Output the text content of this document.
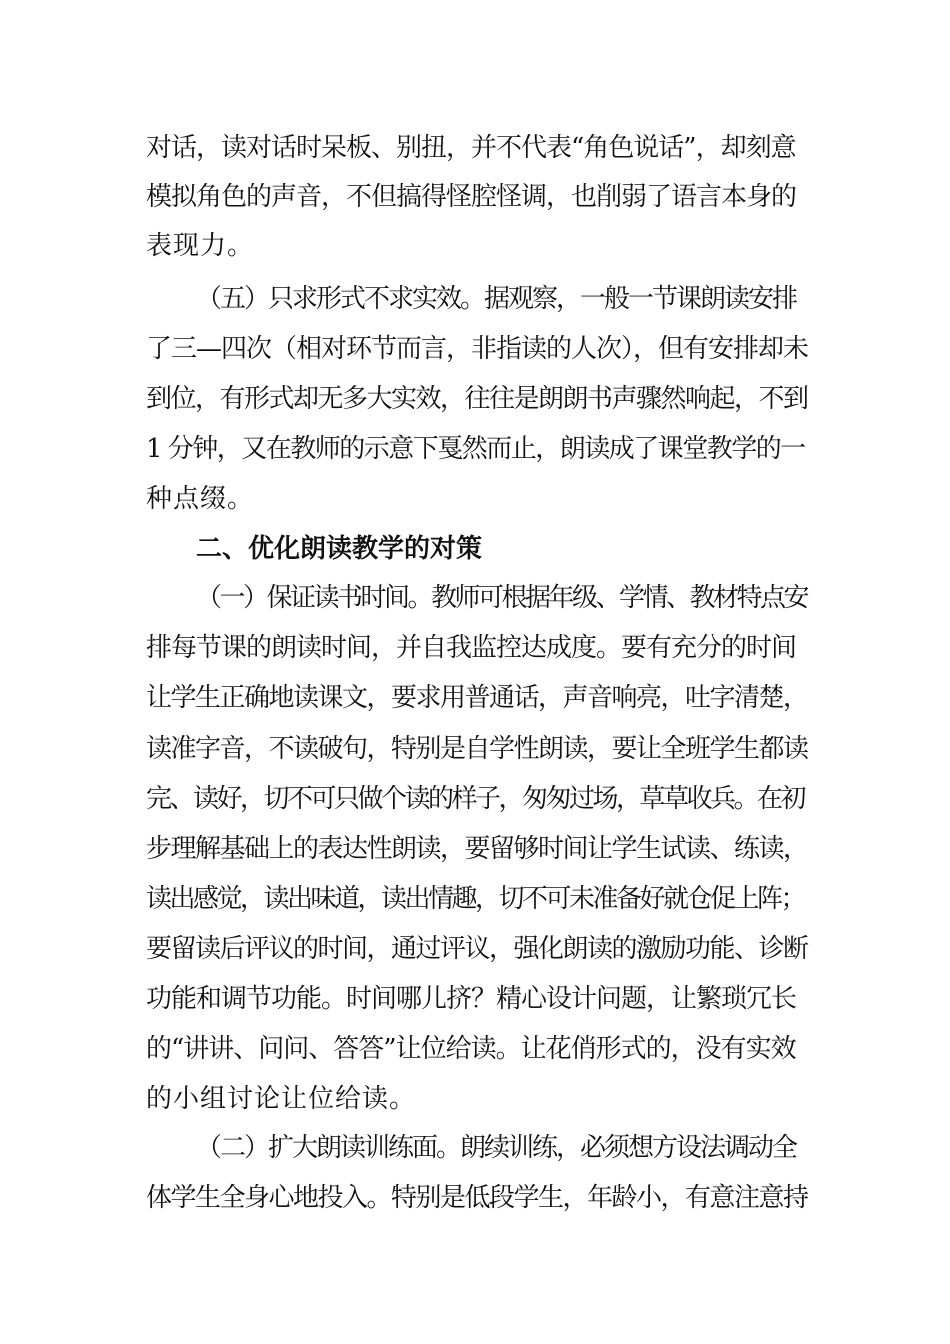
对话，读对话时呆板、别扭，并不代表“角色说话”，却刻意
模拟角色的声音，不但搞得怪腔怪调，也削弱了语言本身的
表现力。
（五）只求形式不求实效。据观察，一般一节课朗读安排
了三—四次（相对环节而言，非指读的人次），但有安排却未
到位，有形式却无多大实效，往往是朗朗书声骤然响起，不到
1 分钟，又在教师的示意下戛然而止，朗读成了课堂教学的一
种点缀。
二、优化朗读教学的对策
（一）保证读书时间。教师可根据年级、学情、教材特点安
排每节课的朗读时间，并自我监控达成度。要有充分的时间
让学生正确地读课文，要求用普通话，声音响亮，吐字清楚，
读准字音，不读破句，特别是自学性朗读，要让全班学生都读
完、读好，切不可只做个读的样子，匆匆过场，草草收兵。在初
步理解基础上的表达性朗读，要留够时间让学生试读、练读，
读出感觉，读出味道，读出情趣，切不可未准备好就仓促上阵；
要留读后评议的时间，通过评议，强化朗读的激励功能、诊断
功能和调节功能。时间哪儿挤？精心设计问题，让繁琐冗长
的“讲讲、问问、答答”让位给读。让花俏形式的，没有实效
的小组讨论让位给读。
（二）扩大朗读训练面。朗续训练，必须想方设法调动全
体学生全身心地投入。特别是低段学生，年龄小，有意注意持
